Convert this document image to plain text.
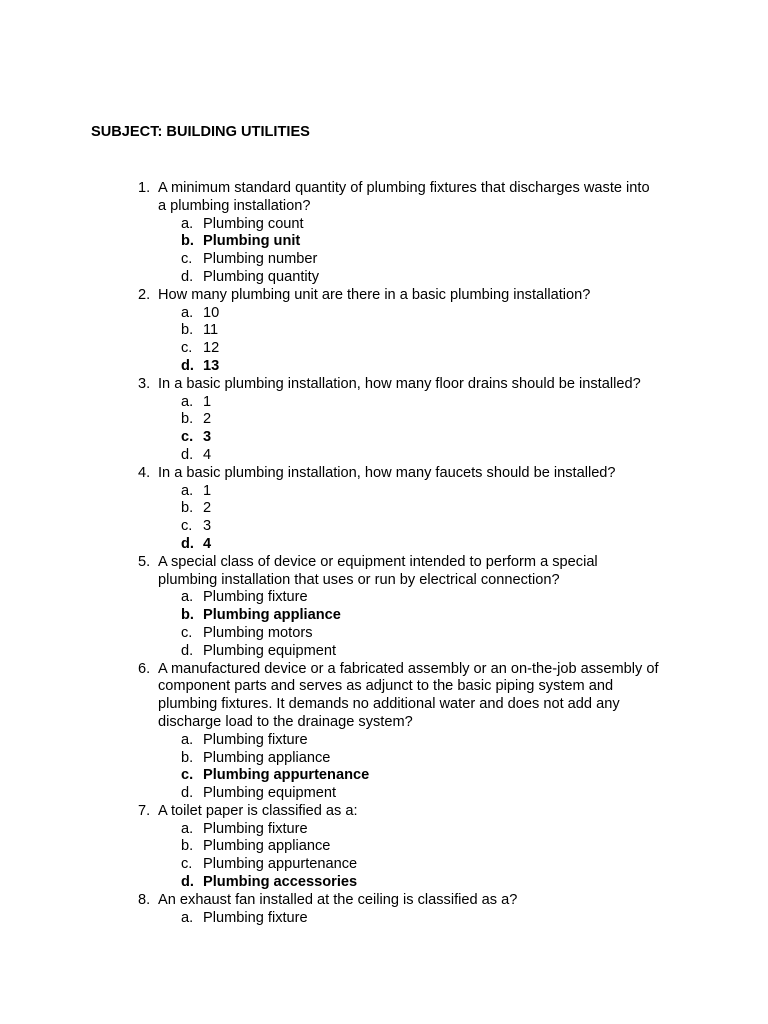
SUBJECT: BUILDING UTILITIES
1. A minimum standard quantity of plumbing fixtures that discharges waste into
a plumbing installation?
a. Plumbing count
b. Plumbing unit
c. Plumbing number
d. Plumbing quantity
2. How many plumbing unit are there in a basic plumbing installation?
a. 10
b. 11
c. 12
d. 13
3. In a basic plumbing installation, how many floor drains should be installed?
a. 1
b. 2
c. 3
d. 4
4. In a basic plumbing installation, how many faucets should be installed?
a. 1
b. 2
c. 3
d. 4
5. A special class of device or equipment intended to perform a special
plumbing installation that uses or run by electrical connection?
a. Plumbing fixture
b. Plumbing appliance
c. Plumbing motors
d. Plumbing equipment
6. A manufactured device or a fabricated assembly or an on-the-job assembly of
component parts and serves as adjunct to the basic piping system and
plumbing fixtures. It demands no additional water and does not add any
discharge load to the drainage system?
a. Plumbing fixture
b. Plumbing appliance
c. Plumbing appurtenance
d. Plumbing equipment
7. A toilet paper is classified as a:
a. Plumbing fixture
b. Plumbing appliance
c. Plumbing appurtenance
d. Plumbing accessories
8. An exhaust fan installed at the ceiling is classified as a?
a. Plumbing fixture
